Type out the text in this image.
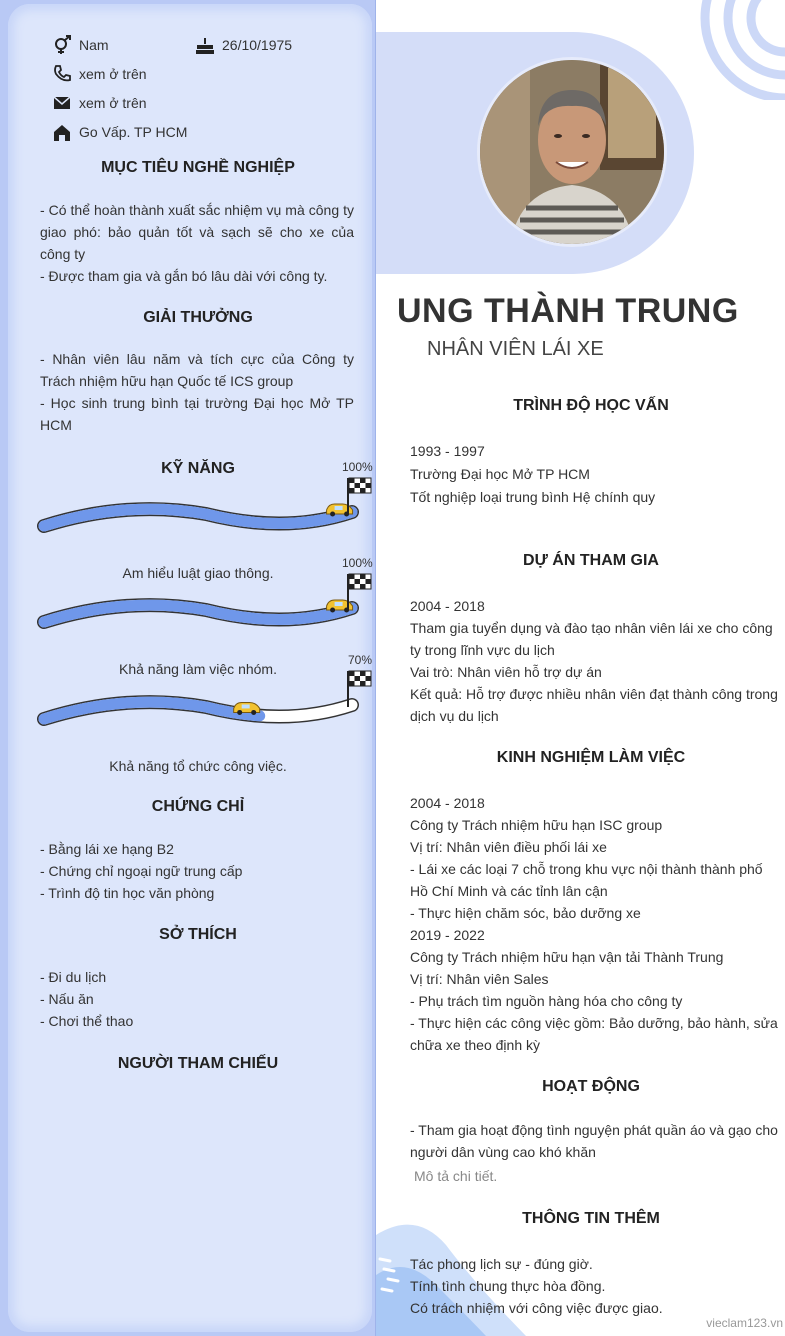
Nam	26/10/1975
xem ở trên
xem ở trên
Go Vấp. TP HCM
MỤC TIÊU NGHỀ NGHIỆP
- Có thể hoàn thành xuất sắc nhiệm vụ mà công ty giao phó: bảo quản tốt và sạch sẽ cho xe của công ty
- Được tham gia và gắn bó lâu dài với công ty.
GIẢI THƯỞNG
- Nhân viên lâu năm và tích cực của Công ty Trách nhiệm hữu hạn Quốc tế ICS group
- Học sinh trung bình tại trường Đại học Mở TP HCM
KỸ NĂNG	100%
Am hiểu luật giao thông.
100%
Khả năng làm việc nhóm.
70%
Khả năng tổ chức công việc.
CHỨNG CHỈ
- Bằng lái xe hạng B2
- Chứng chỉ ngoại ngữ trung cấp
- Trình độ tin học văn phòng
SỞ THÍCH
- Đi du lịch
- Nấu ăn
- Chơi thể thao
NGƯỜI THAM CHIẾU
UNG THÀNH TRUNG
NHÂN VIÊN LÁI XE
TRÌNH ĐỘ HỌC VẤN
1993 - 1997
Trường Đại học Mở TP HCM
Tốt nghiệp loại trung bình Hệ chính quy
DỰ ÁN THAM GIA
2004 - 2018
Tham gia tuyển dụng và đào tạo nhân viên lái xe cho công ty trong lĩnh vực du lịch
Vai trò: Nhân viên hỗ trợ dự án
Kết quả: Hỗ trợ được nhiều nhân viên đạt thành công trong dịch vụ du lịch
KINH NGHIỆM LÀM VIỆC
2004 - 2018
Công ty Trách nhiệm hữu hạn ISC group
Vị trí: Nhân viên điều phối lái xe
- Lái xe các loại 7 chỗ trong khu vực nội thành thành phố Hồ Chí Minh và các tỉnh lân cận
- Thực hiện chăm sóc, bảo dưỡng xe
2019 - 2022
Công ty Trách nhiệm hữu hạn vận tải Thành Trung
Vị trí: Nhân viên Sales
- Phụ trách tìm nguồn hàng hóa cho công ty
- Thực hiện các công việc gồm: Bảo dưỡng, bảo hành, sửa chữa xe theo định kỳ
HOẠT ĐỘNG
- Tham gia hoạt động tình nguyện phát quần áo và gạo cho người dân vùng cao khó khăn
Mô tả chi tiết.
THÔNG TIN THÊM
Tác phong lịch sự - đúng giờ.
Tính tình chung thực hòa đồng.
Có trách nhiệm với công việc được giao.
vieclam123.vn
